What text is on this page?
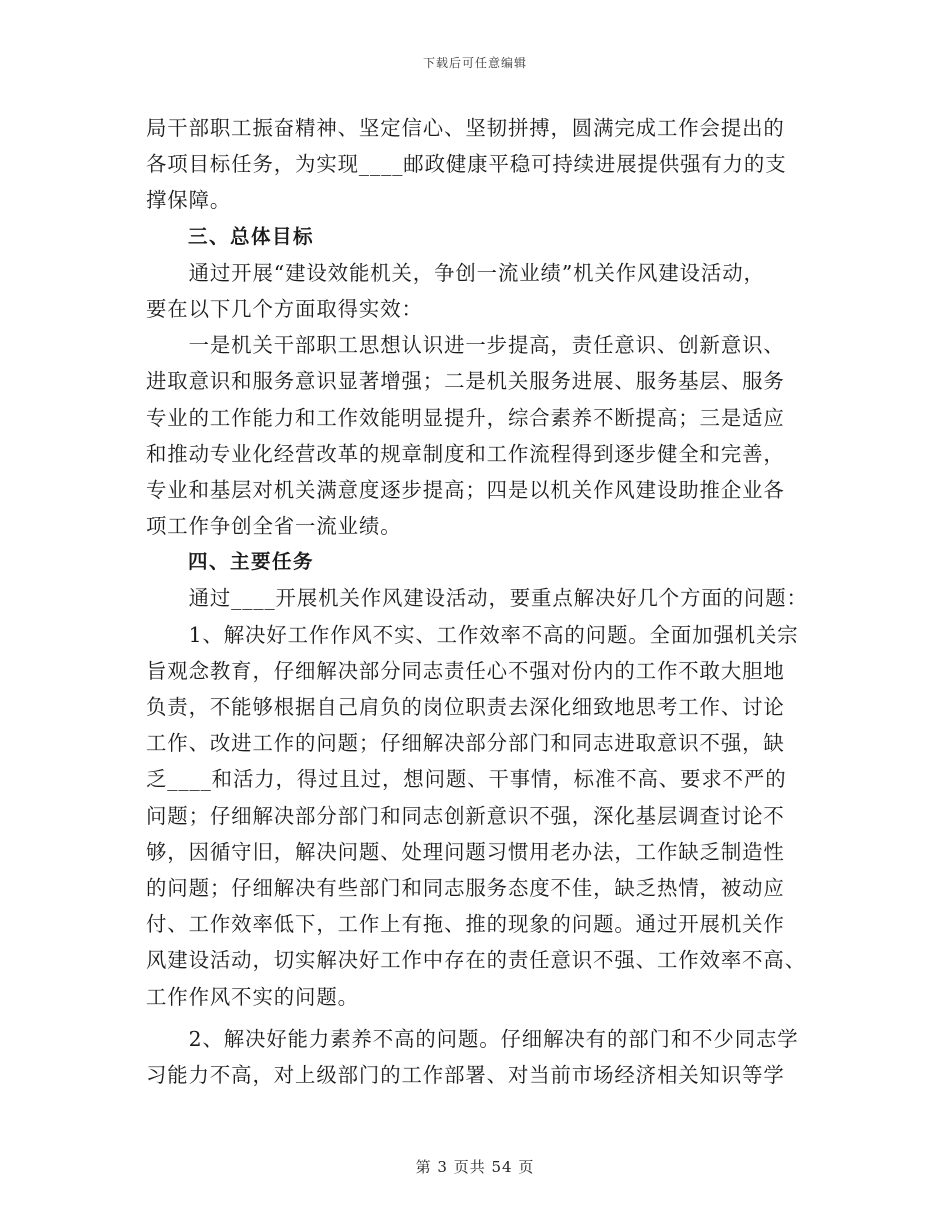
下载后可任意编辑
局干部职工振奋精神、坚定信心、坚韧拼搏，圆满完成工作会提出的
各项目标任务，为实现____邮政健康平稳可持续进展提供强有力的支
撑保障。
　　三、总体目标
　　通过开展“建设效能机关，争创一流业绩”机关作风建设活动，
要在以下几个方面取得实效：
　　一是机关干部职工思想认识进一步提高，责任意识、创新意识、
进取意识和服务意识显著增强；二是机关服务进展、服务基层、服务
专业的工作能力和工作效能明显提升，综合素养不断提高；三是适应
和推动专业化经营改革的规章制度和工作流程得到逐步健全和完善，
专业和基层对机关满意度逐步提高；四是以机关作风建设助推企业各
项工作争创全省一流业绩。
　　四、主要任务
　　通过____开展机关作风建设活动，要重点解决好几个方面的问题：
　　1、解决好工作作风不实、工作效率不高的问题。全面加强机关宗
旨观念教育，仔细解决部分同志责任心不强对份内的工作不敢大胆地
负责，不能够根据自己肩负的岗位职责去深化细致地思考工作、讨论
工作、改进工作的问题；仔细解决部分部门和同志进取意识不强，缺
乏____和活力，得过且过，想问题、干事情，标准不高、要求不严的
问题；仔细解决部分部门和同志创新意识不强，深化基层调查讨论不
够，因循守旧，解决问题、处理问题习惯用老办法，工作缺乏制造性
的问题；仔细解决有些部门和同志服务态度不佳，缺乏热情，被动应
付、工作效率低下，工作上有拖、推的现象的问题。通过开展机关作
风建设活动，切实解决好工作中存在的责任意识不强、工作效率不高、
工作作风不实的问题。
　　2、解决好能力素养不高的问题。仔细解决有的部门和不少同志学
习能力不高，对上级部门的工作部署、对当前市场经济相关知识等学
第 3 页共 54 页
